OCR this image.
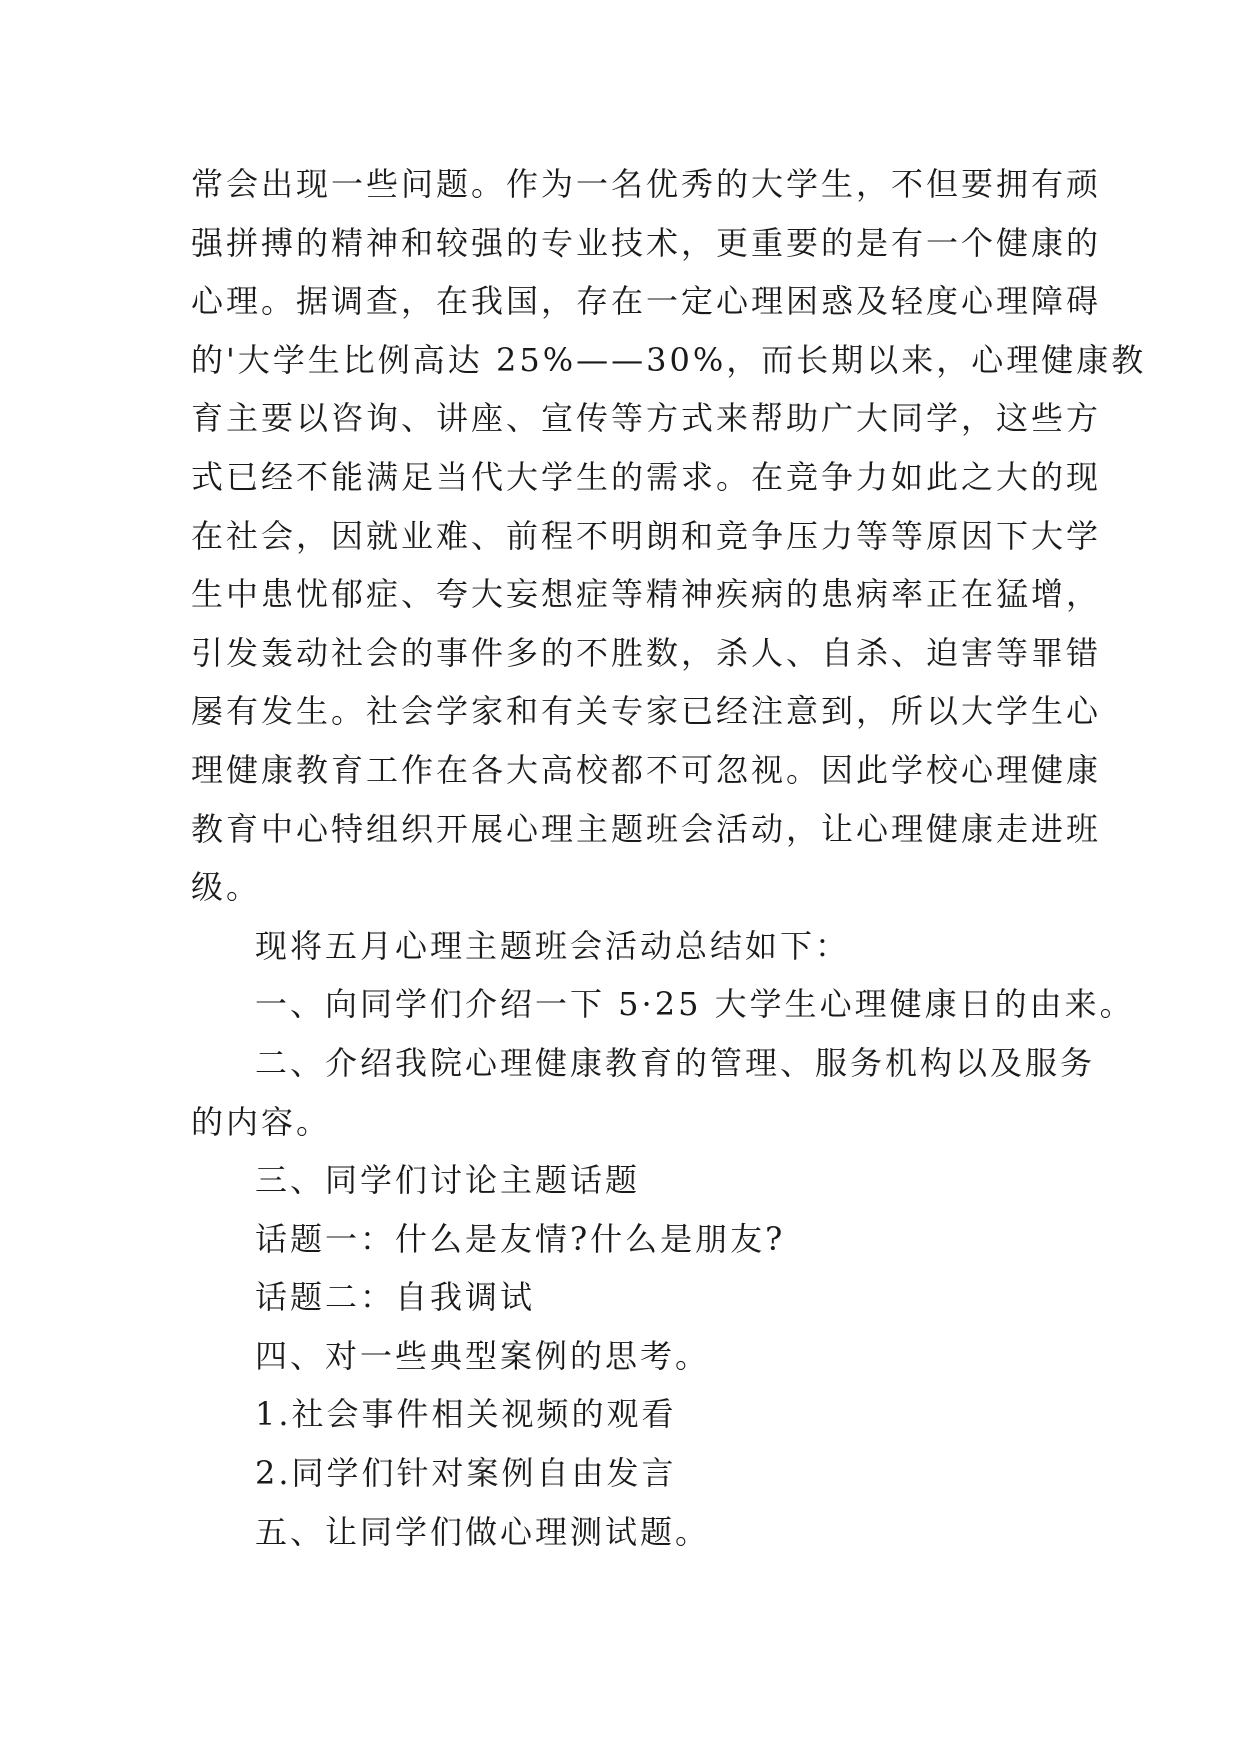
常会出现一些问题。作为一名优秀的大学生，不但要拥有顽

强拼搏的精神和较强的专业技术，更重要的是有一个健康的

心理。据调查，在我国，存在一定心理困惑及轻度心理障碍

的'大学生比例高达 25%——30%，而长期以来，心理健康教

育主要以咨询、讲座、宣传等方式来帮助广大同学，这些方

式已经不能满足当代大学生的需求。在竞争力如此之大的现

在社会，因就业难、前程不明朗和竞争压力等等原因下大学

生中患忧郁症、夸大妄想症等精神疾病的患病率正在猛增，

引发轰动社会的事件多的不胜数，杀人、自杀、迫害等罪错

屡有发生。社会学家和有关专家已经注意到，所以大学生心

理健康教育工作在各大高校都不可忽视。因此学校心理健康

教育中心特组织开展心理主题班会活动，让心理健康走进班

级。

现将五月心理主题班会活动总结如下：

一、向同学们介绍一下 5·25 大学生心理健康日的由来。

二、介绍我院心理健康教育的管理、服务机构以及服务

的内容。

三、同学们讨论主题话题

话题一：什么是友情?什么是朋友?

话题二：自我调试

四、对一些典型案例的思考。

1.社会事件相关视频的观看

2.同学们针对案例自由发言

五、让同学们做心理测试题。
